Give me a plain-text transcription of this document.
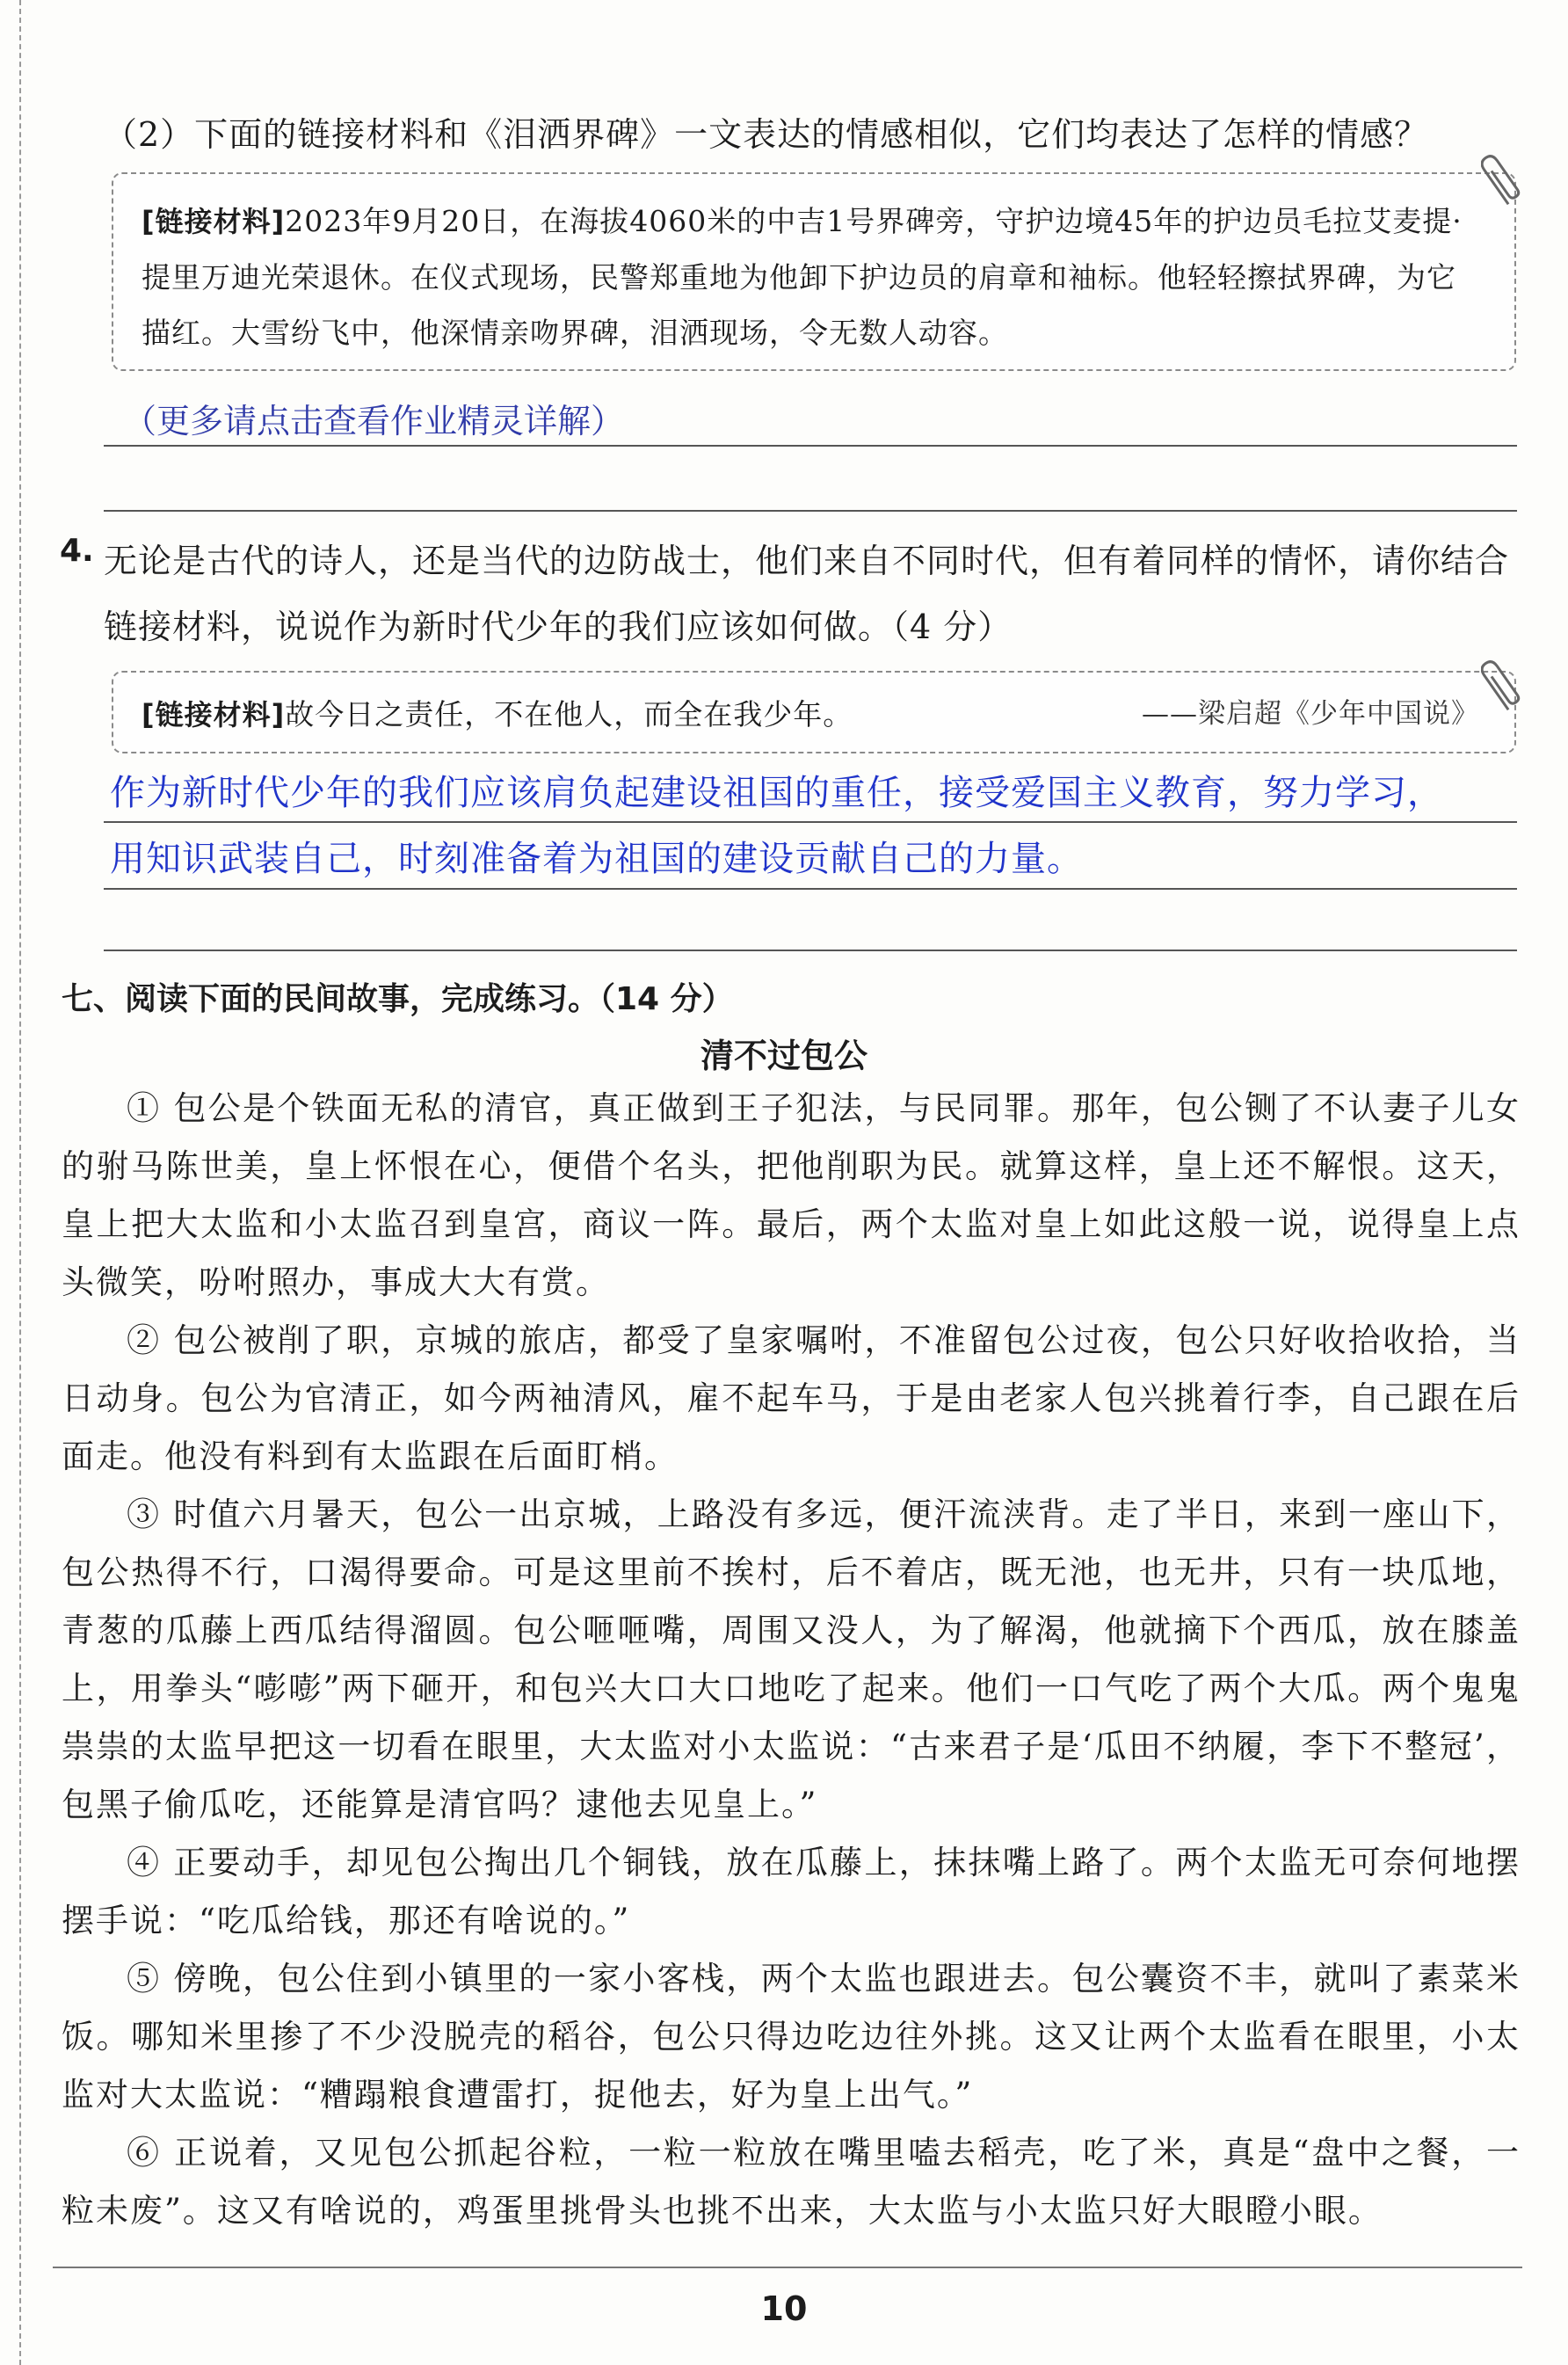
（2）下面的链接材料和《泪洒界碑》一文表达的情感相似，它们均表达了怎样的情感？
[链接材料]2023年9月20日，在海拔4060米的中吉1号界碑旁，守护边境45年的护边员毛拉艾麦提·提里万迪光荣退休。在仪式现场，民警郑重地为他卸下护边员的肩章和袖标。他轻轻擦拭界碑，为它描红。大雪纷飞中，他深情亲吻界碑，泪洒现场，令无数人动容。
（更多请点击查看作业精灵详解）
4. 无论是古代的诗人，还是当代的边防战士，他们来自不同时代，但有着同样的情怀，请你结合链接材料，说说作为新时代少年的我们应该如何做。（4 分）
[链接材料]故今日之责任，不在他人，而全在我少年。	——梁启超《少年中国说》
作为新时代少年的我们应该肩负起建设祖国的重任，接受爱国主义教育，努力学习，
用知识武装自己，时刻准备着为祖国的建设贡献自己的力量。
七、阅读下面的民间故事，完成练习。（14 分）
清不过包公

① 包公是个铁面无私的清官，真正做到王子犯法，与民同罪。那年，包公铡了不认妻子儿女的驸马陈世美，皇上怀恨在心，便借个名头，把他削职为民。就算这样，皇上还不解恨。这天，皇上把大太监和小太监召到皇宫，商议一阵。最后，两个太监对皇上如此这般一说，说得皇上点头微笑，吩咐照办，事成大大有赏。

② 包公被削了职，京城的旅店，都受了皇家嘱咐，不准留包公过夜，包公只好收拾收拾，当日动身。包公为官清正，如今两袖清风，雇不起车马，于是由老家人包兴挑着行李，自己跟在后面走。他没有料到有太监跟在后面盯梢。

③ 时值六月暑天，包公一出京城，上路没有多远，便汗流浃背。走了半日，来到一座山下，包公热得不行，口渴得要命。可是这里前不挨村，后不着店，既无池，也无井，只有一块瓜地，青葱的瓜藤上西瓜结得溜圆。包公咂咂嘴，周围又没人，为了解渴，他就摘下个西瓜，放在膝盖上，用拳头“嘭嘭”两下砸开，和包兴大口大口地吃了起来。他们一口气吃了两个大瓜。两个鬼鬼祟祟的太监早把这一切看在眼里，大太监对小太监说：“古来君子是‘瓜田不纳履，李下不整冠’，包黑子偷瓜吃，还能算是清官吗？逮他去见皇上。”

④ 正要动手，却见包公掏出几个铜钱，放在瓜藤上，抹抹嘴上路了。两个太监无可奈何地摆摆手说：“吃瓜给钱，那还有啥说的。”

⑤ 傍晚，包公住到小镇里的一家小客栈，两个太监也跟进去。包公囊资不丰，就叫了素菜米饭。哪知米里掺了不少没脱壳的稻谷，包公只得边吃边往外挑。这又让两个太监看在眼里，小太监对大太监说：“糟蹋粮食遭雷打，捉他去，好为皇上出气。”

⑥ 正说着，又见包公抓起谷粒，一粒一粒放在嘴里嗑去稻壳，吃了米，真是“盘中之餐，一粒未废”。这又有啥说的，鸡蛋里挑骨头也挑不出来，大太监与小太监只好大眼瞪小眼。

10
